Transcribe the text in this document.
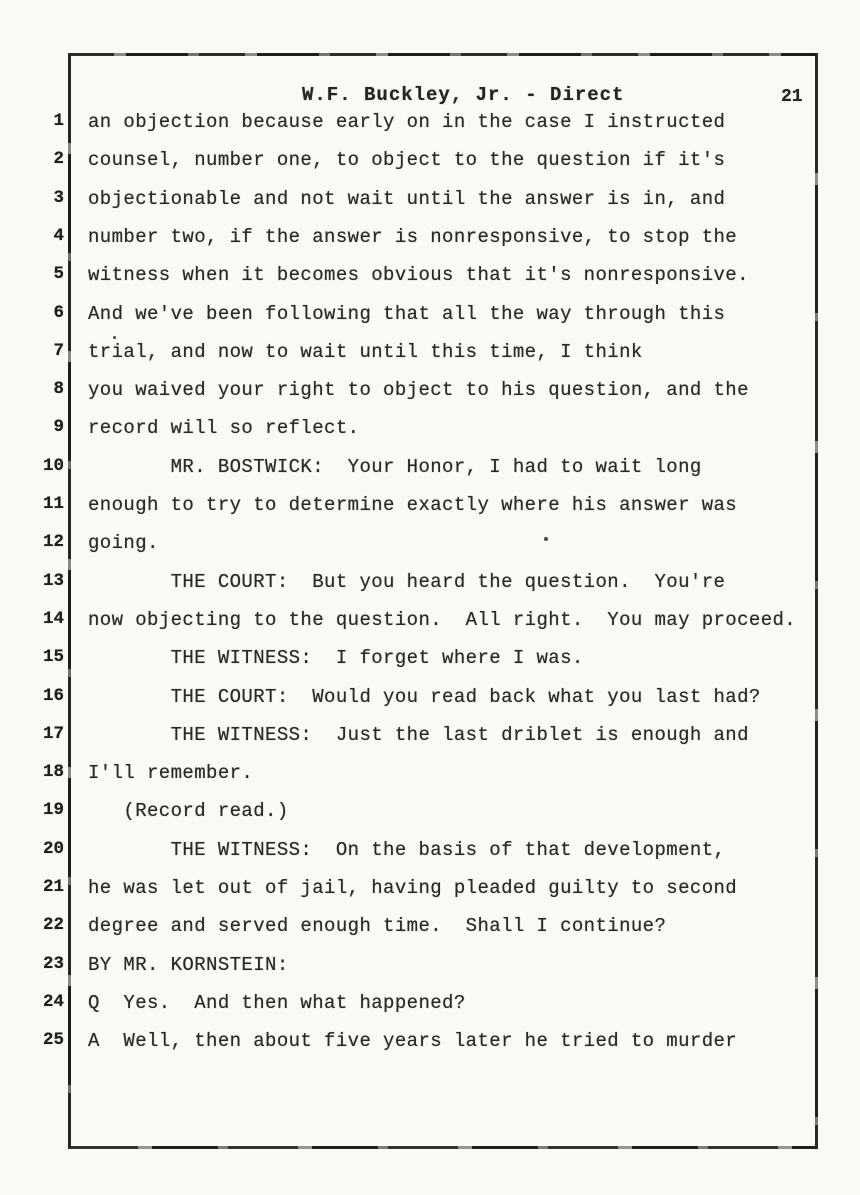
W.F. Buckley, Jr. - Direct	21
1 an objection because early on in the case I instructed
2 counsel, number one, to object to the question if it's
3 objectionable and not wait until the answer is in, and
4 number two, if the answer is nonresponsive, to stop the
5 witness when it becomes obvious that it's nonresponsive.
6 And we've been following that all the way through this
7 trial, and now to wait until this time, I think
8 you waived your right to object to his question, and the
9 record will so reflect.
10 MR. BOSTWICK:  Your Honor, I had to wait long
11 enough to try to determine exactly where his answer was
12 going.
13 THE COURT:  But you heard the question.  You're
14 now objecting to the question.  All right.  You may proceed.
15 THE WITNESS:  I forget where I was.
16 THE COURT:  Would you read back what you last had?
17 THE WITNESS:  Just the last driblet is enough and
18 I'll remember.
19 (Record read.)
20 THE WITNESS:  On the basis of that development,
21 he was let out of jail, having pleaded guilty to second
22 degree and served enough time.  Shall I continue?
23 BY MR. KORNSTEIN:
24 Q  Yes.  And then what happened?
25 A  Well, then about five years later he tried to murder
